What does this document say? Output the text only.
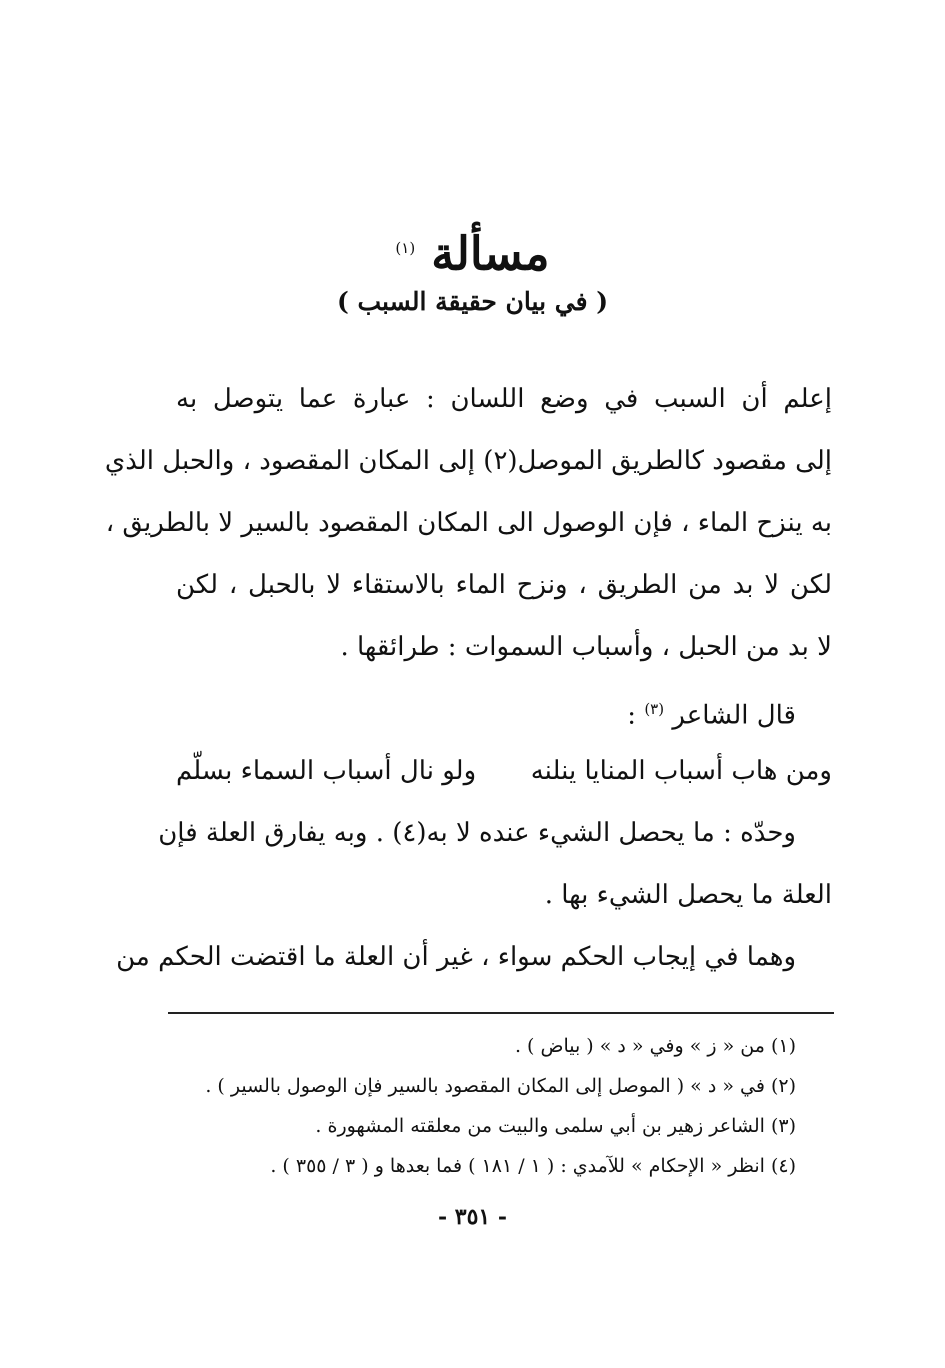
مسألة $^{(١)}$
( في بيان حقيقة السبب )
إعلم أن السبب في وضع اللسان : عبارة عما يتوصل به
إلى مقصود كالطريق الموصل(٢) إلى المكان المقصود ، والحبل الذي
به ينزح الماء ، فإن الوصول الى المكان المقصود بالسير لا بالطريق ،
لكن لا بد من الطريق ، ونزح الماء بالاستقاء لا بالحبل ، لكن
لا بد من الحبل ، وأسباب السموات : طرائقها .
قال الشاعر $^{(٣)}$ :
ومن هاب أسباب المنايا ينلنه
ولو نال أسباب السماء بسلّم
وحدّه : ما يحصل الشيء عنده لا به(٤) . وبه يفارق العلة فإن
العلة ما يحصل الشيء بها .
وهما في إيجاب الحكم سواء ، غير أن العلة ما اقتضت الحكم من
(١) من « ز » وفي « د » ( بياض ) .
(٢) في « د » ( الموصل إلى المكان المقصود بالسير فإن الوصول بالسير ) .
(٣) الشاعر زهير بن أبي سلمى والبيت من معلقته المشهورة .
(٤) انظر « الإحكام » للآمدي : ( ١ / ١٨١ ) فما بعدها و ( ٣ / ٣٥٥ ) .
- ٣٥١ -
